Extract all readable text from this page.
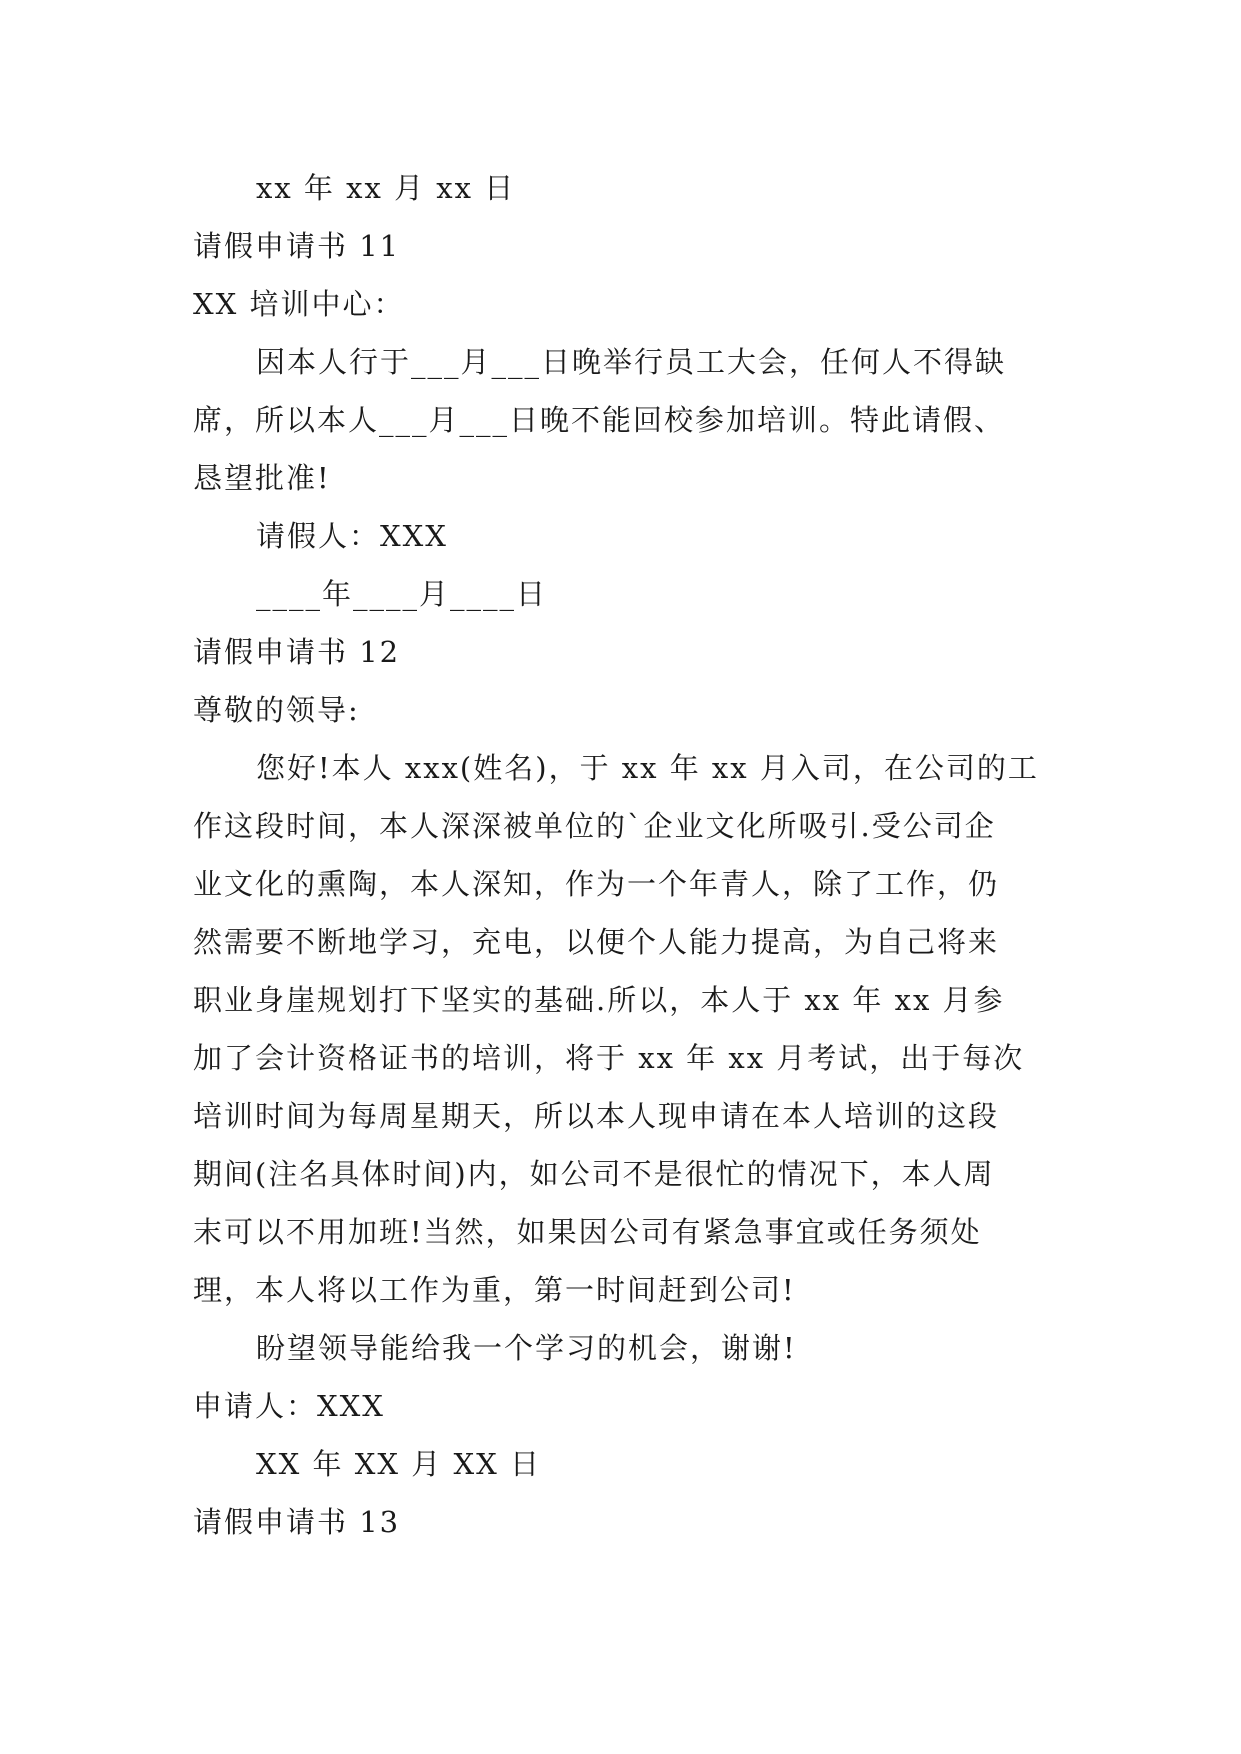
xx 年 xx 月 xx 日
请假申请书 11
XX 培训中心：
因本人行于___月___日晚举行员工大会，任何人不得缺
席，所以本人___月___日晚不能回校参加培训。特此请假、
恳望批准!
请假人：XXX
____年____月____日
请假申请书 12
尊敬的领导:
您好!本人 xxx(姓名)，于 xx 年 xx 月入司，在公司的工
作这段时间，本人深深被单位的`企业文化所吸引.受公司企
业文化的熏陶，本人深知，作为一个年青人，除了工作，仍
然需要不断地学习，充电，以便个人能力提高，为自己将来
职业身崖规划打下坚实的基础.所以，本人于 xx 年 xx 月参
加了会计资格证书的培训，将于 xx 年 xx 月考试，出于每次
培训时间为每周星期天，所以本人现申请在本人培训的这段
期间(注名具体时间)内，如公司不是很忙的情况下，本人周
末可以不用加班!当然，如果因公司有紧急事宜或任务须处
理，本人将以工作为重，第一时间赶到公司!
盼望领导能给我一个学习的机会，谢谢!
申请人：XXX
XX 年 XX 月 XX 日
请假申请书 13
